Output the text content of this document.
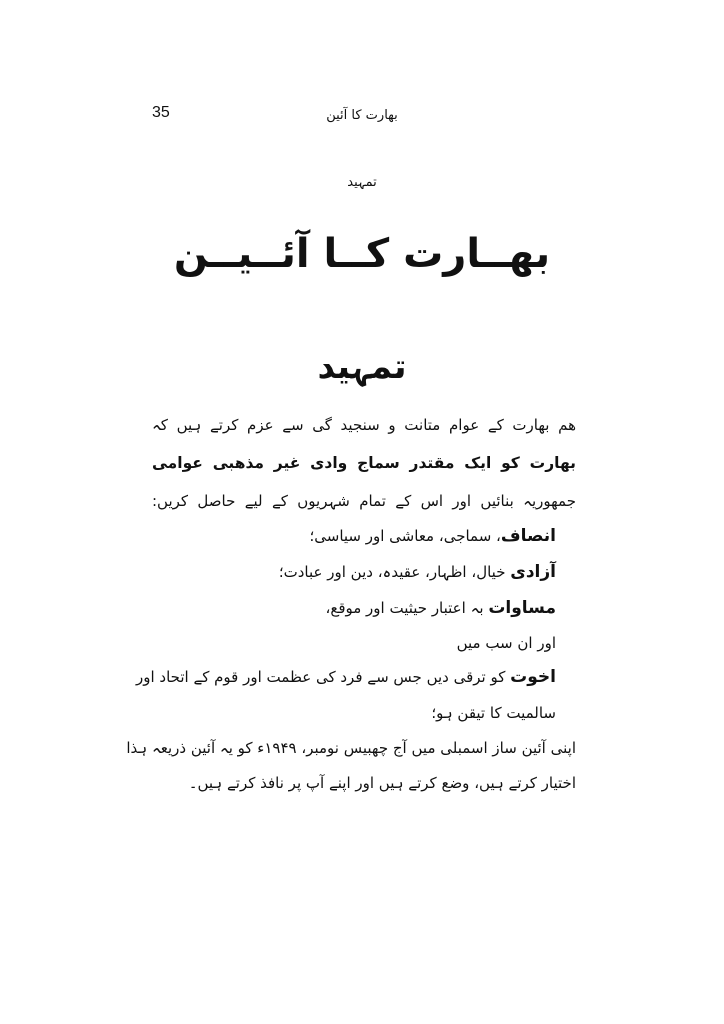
35	بھارت کا آئین
تمہید
بھــارت کــا آئــیــن
تمہید
ھم بھارت کے عوام متانت و سنجید گی سے عزم کرتے ہیں کہ
بھارت کو ایک مقتدر سماج وادی غیر مذھبی عوامی
جمھوریہ بنائیں اور اس کے تمام شہریوں کے لیے حاصل کریں:
انصاف، سماجی، معاشی اور سیاسی؛
آزادی خیال، اظہار، عقیدہ، دین اور عبادت؛
مساوات بہ اعتبار حیثیت اور موقع،
اور ان سب میں
اخوت کو ترقی دیں جس سے فرد کی عظمت اور قوم کے اتحاد اور
سالمیت کا تیقن ہو؛
اپنی آئین ساز اسمبلی میں آج چھبیس نومبر، ۱۹۴۹ء کو یہ آئین ذریعہ ہذا
اختیار کرتے ہیں، وضع کرتے ہیں اور اپنے آپ پر نافذ کرتے ہیں۔
